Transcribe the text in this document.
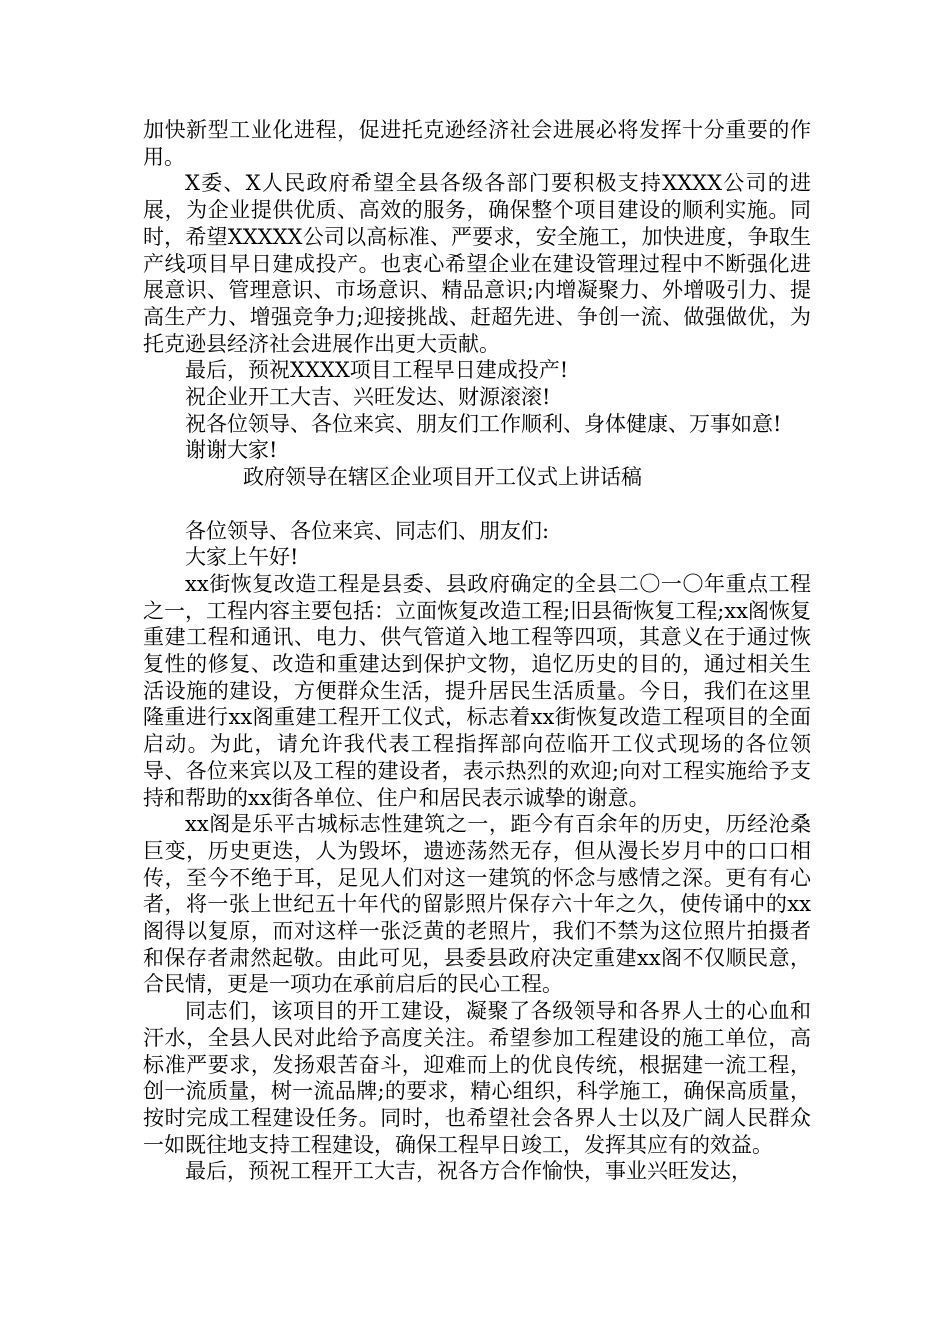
加快新型工业化进程，促进托克逊经济社会进展必将发挥十分重要的作用。

X委、X人民政府希望全县各级各部门要积极支持XXXX公司的进展，为企业提供优质、高效的服务，确保整个项目建设的顺利实施。同时，希望XXXXX公司以高标准、严要求，安全施工，加快进度，争取生产线项目早日建成投产。也衷心希望企业在建设管理过程中不断强化进展意识、管理意识、市场意识、精品意识;内增凝聚力、外增吸引力、提高生产力、增强竞争力;迎接挑战、赶超先进、争创一流、做强做优，为托克逊县经济社会进展作出更大贡献。

最后，预祝XXXX项目工程早日建成投产!

祝企业开工大吉、兴旺发达、财源滚滚!

祝各位领导、各位来宾、朋友们工作顺利、身体健康、万事如意!

谢谢大家!

政府领导在辖区企业项目开工仪式上讲话稿

各位领导、各位来宾、同志们、朋友们:

大家上午好!

xx街恢复改造工程是县委、县政府确定的全县二〇一〇年重点工程之一，工程内容主要包括：立面恢复改造工程;旧县衙恢复工程;xx阁恢复重建工程和通讯、电力、供气管道入地工程等四项，其意义在于通过恢复性的修复、改造和重建达到保护文物，追忆历史的目的，通过相关生活设施的建设，方便群众生活，提升居民生活质量。今日，我们在这里隆重进行xx阁重建工程开工仪式，标志着xx街恢复改造工程项目的全面启动。为此，请允许我代表工程指挥部向莅临开工仪式现场的各位领导、各位来宾以及工程的建设者，表示热烈的欢迎;向对工程实施给予支持和帮助的xx街各单位、住户和居民表示诚挚的谢意。

xx阁是乐平古城标志性建筑之一，距今有百余年的历史，历经沧桑巨变，历史更迭，人为毁坏，遗迹荡然无存，但从漫长岁月中的口口相传，至今不绝于耳，足见人们对这一建筑的怀念与感情之深。更有有心者，将一张上世纪五十年代的留影照片保存六十年之久，使传诵中的xx阁得以复原，而对这样一张泛黄的老照片，我们不禁为这位照片拍摄者和保存者肃然起敬。由此可见，县委县政府决定重建xx阁不仅顺民意，合民情，更是一项功在承前启后的民心工程。

同志们，该项目的开工建设，凝聚了各级领导和各界人士的心血和汗水，全县人民对此给予高度关注。希望参加工程建设的施工单位，高标准严要求，发扬艰苦奋斗，迎难而上的优良传统，根据建一流工程，创一流质量，树一流品牌;的要求，精心组织，科学施工，确保高质量，按时完成工程建设任务。同时，也希望社会各界人士以及广阔人民群众一如既往地支持工程建设，确保工程早日竣工，发挥其应有的效益。

最后，预祝工程开工大吉，祝各方合作愉快，事业兴旺发达，
